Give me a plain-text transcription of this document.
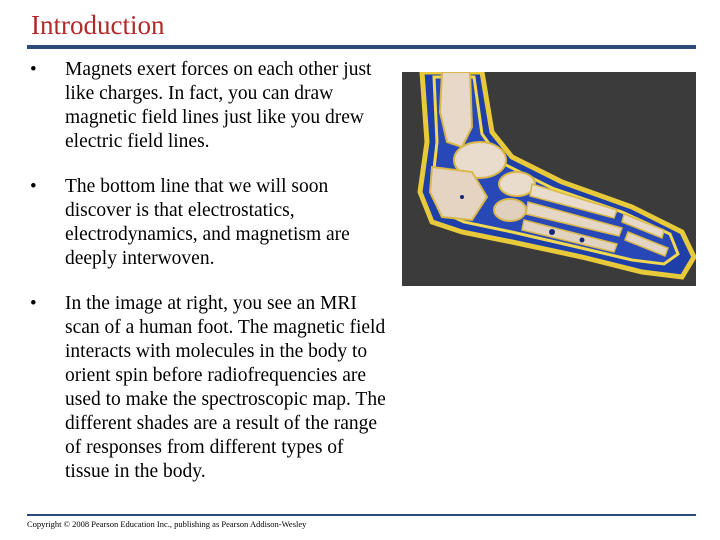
Introduction
•	Magnets exert forces on each other just like charges. In fact, you can draw magnetic field lines just like you drew electric field lines.
•	The bottom line that we will soon discover is that electrostatics, electrodynamics, and magnetism are deeply interwoven.
•	In the image at right, you see an MRI scan of a human foot. The magnetic field interacts with molecules in the body to orient spin before radiofrequencies are used to make the spectroscopic map. The different shades are a result of the range of responses from different types of tissue in the body.
Copyright © 2008 Pearson Education Inc., publishing as Pearson Addison-Wesley
